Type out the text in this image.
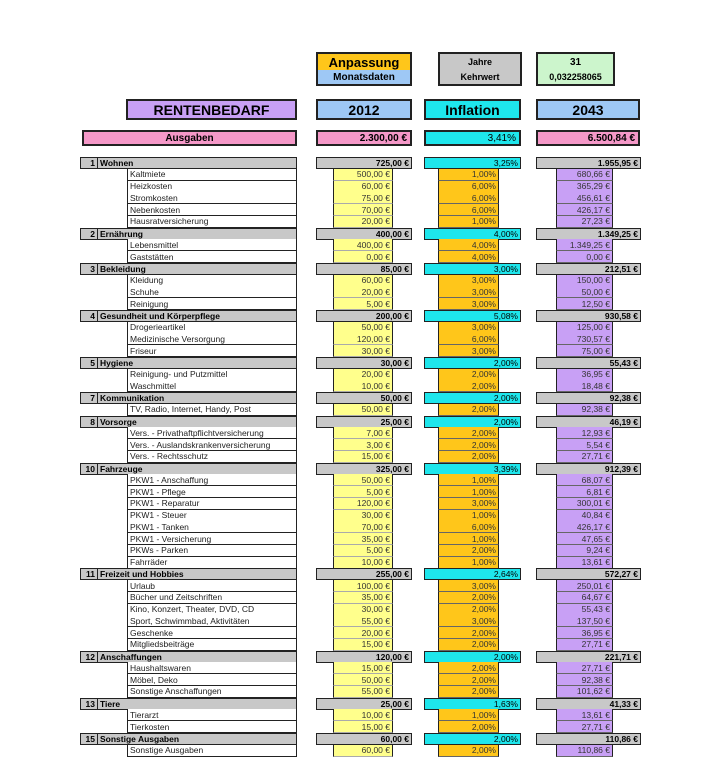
Anpassung
Monatsdaten
Jahre
Kehrwert
31
0,032258065
RENTENBEDARF	2012	Inflation	2043
Ausgaben	2.300,00 €	3,41%	6.500,84 €
1 Wohnen	725,00 €	3,25%	1.955,95 €
Kaltmiete	500,00 €	1,00%	680,66 €
Heizkosten	60,00 €	6,00%	365,29 €
Stromkosten	75,00 €	6,00%	456,61 €
Nebenkosten	70,00 €	6,00%	426,17 €
Hausratversicherung	20,00 €	1,00%	27,23 €
2 Ernährung	400,00 €	4,00%	1.349,25 €
Lebensmittel	400,00 €	4,00%	1.349,25 €
Gaststätten	0,00 €	4,00%	0,00 €
3 Bekleidung	85,00 €	3,00%	212,51 €
Kleidung	60,00 €	3,00%	150,00 €
Schuhe	20,00 €	3,00%	50,00 €
Reinigung	5,00 €	3,00%	12,50 €
4 Gesundheit und Körperpflege	200,00 €	5,08%	930,58 €
Drogerieartikel	50,00 €	3,00%	125,00 €
Medizinische Versorgung	120,00 €	6,00%	730,57 €
Friseur	30,00 €	3,00%	75,00 €
5 Hygiene	30,00 €	2,00%	55,43 €
Reinigung- und Putzmittel	20,00 €	2,00%	36,95 €
Waschmittel	10,00 €	2,00%	18,48 €
7 Kommunikation	50,00 €	2,00%	92,38 €
TV, Radio, Internet, Handy, Post	50,00 €	2,00%	92,38 €
8 Vorsorge	25,00 €	2,00%	46,19 €
Vers. - Privathaftpflichtversicherung	7,00 €	2,00%	12,93 €
Vers. - Auslandskrankenversicherung	3,00 €	2,00%	5,54 €
Vers. - Rechtsschutz	15,00 €	2,00%	27,71 €
10 Fahrzeuge	325,00 €	3,39%	912,39 €
PKW1 - Anschaffung	50,00 €	1,00%	68,07 €
PKW1 - Pflege	5,00 €	1,00%	6,81 €
PKW1 - Reparatur	120,00 €	3,00%	300,01 €
PKW1 - Steuer	30,00 €	1,00%	40,84 €
PKW1 - Tanken	70,00 €	6,00%	426,17 €
PKW1 - Versicherung	35,00 €	1,00%	47,65 €
PKWs - Parken	5,00 €	2,00%	9,24 €
Fahrräder	10,00 €	1,00%	13,61 €
11 Freizeit und Hobbies	255,00 €	2,64%	572,27 €
Urlaub	100,00 €	3,00%	250,01 €
Bücher und Zeitschriften	35,00 €	2,00%	64,67 €
Kino, Konzert, Theater, DVD, CD	30,00 €	2,00%	55,43 €
Sport, Schwimmbad, Aktivitäten	55,00 €	3,00%	137,50 €
Geschenke	20,00 €	2,00%	36,95 €
Mitgliedsbeiträge	15,00 €	2,00%	27,71 €
12 Anschaffungen	120,00 €	2,00%	221,71 €
Haushaltswaren	15,00 €	2,00%	27,71 €
Möbel, Deko	50,00 €	2,00%	92,38 €
Sonstige Anschaffungen	55,00 €	2,00%	101,62 €
13 Tiere	25,00 €	1,63%	41,33 €
Tierarzt	10,00 €	1,00%	13,61 €
Tierkosten	15,00 €	2,00%	27,71 €
15 Sonstige Ausgaben	60,00 €	2,00%	110,86 €
Sonstige Ausgaben	60,00 €	2,00%	110,86 €
